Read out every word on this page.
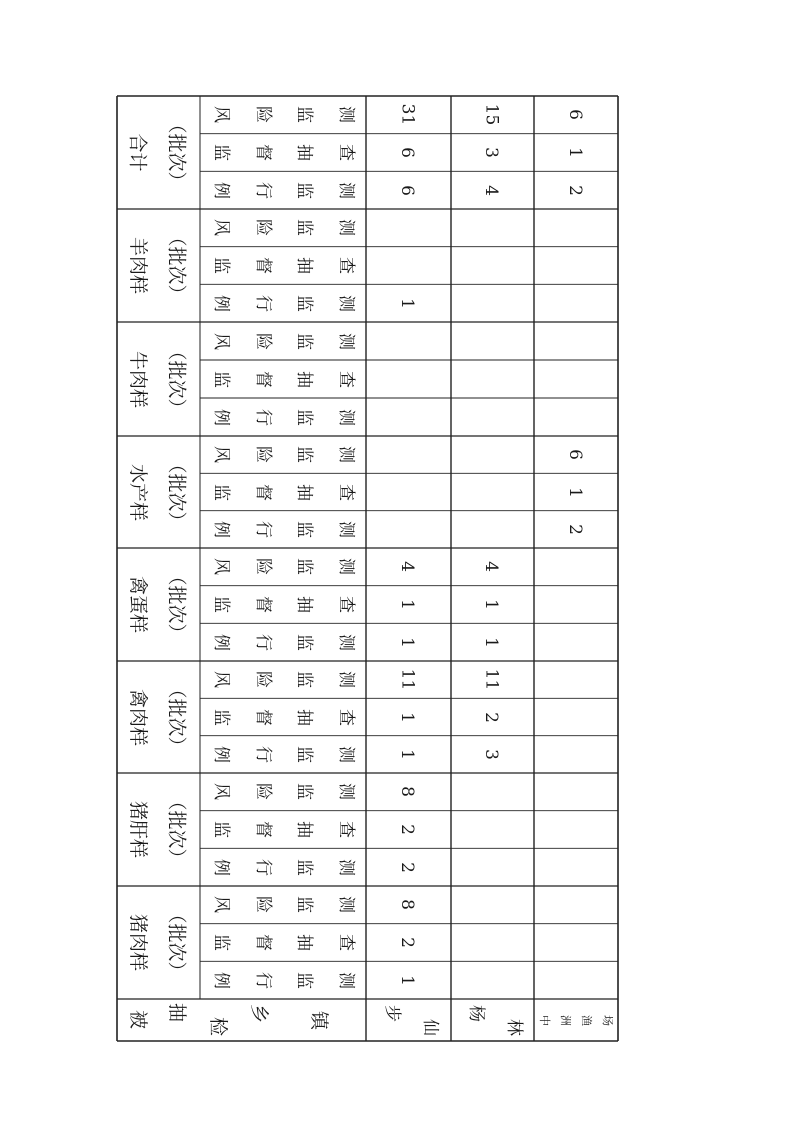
合计 （批次） 例 行 监 测
监 督 抽 查
风 险 监 测
羊肉样 （批次） 例 行 监 测
监 督 抽 查
风 险 监 测
牛肉样 （批次） 例 行 监 测
监 督 抽 查
风 险 监 测
水产样 （批次） 例 行 监 测
监 督 抽 查
风 险 监 测
禽蛋样 （批次） 例 行 监 测
监 督 抽 查
风 险 监 测
禽肉样 （批次） 例 行 监 测
监 督 抽 查
风 险 监 测
猪肝样 （批次） 例 行 监 测
监 督 抽 查
风 险 监 测
猪肉样 （批次） 例 行 监 测
监 督 抽 查
风 险 监 测
被 抽
检
乡 镇	步
仙
1
2
8
2
2
8
1
1
11
1
1
4
1
6
6
31
杨
林
3
2
11
1
1
4
4
3
15
中 洲 渔 场
2
1
6
2
1
6
